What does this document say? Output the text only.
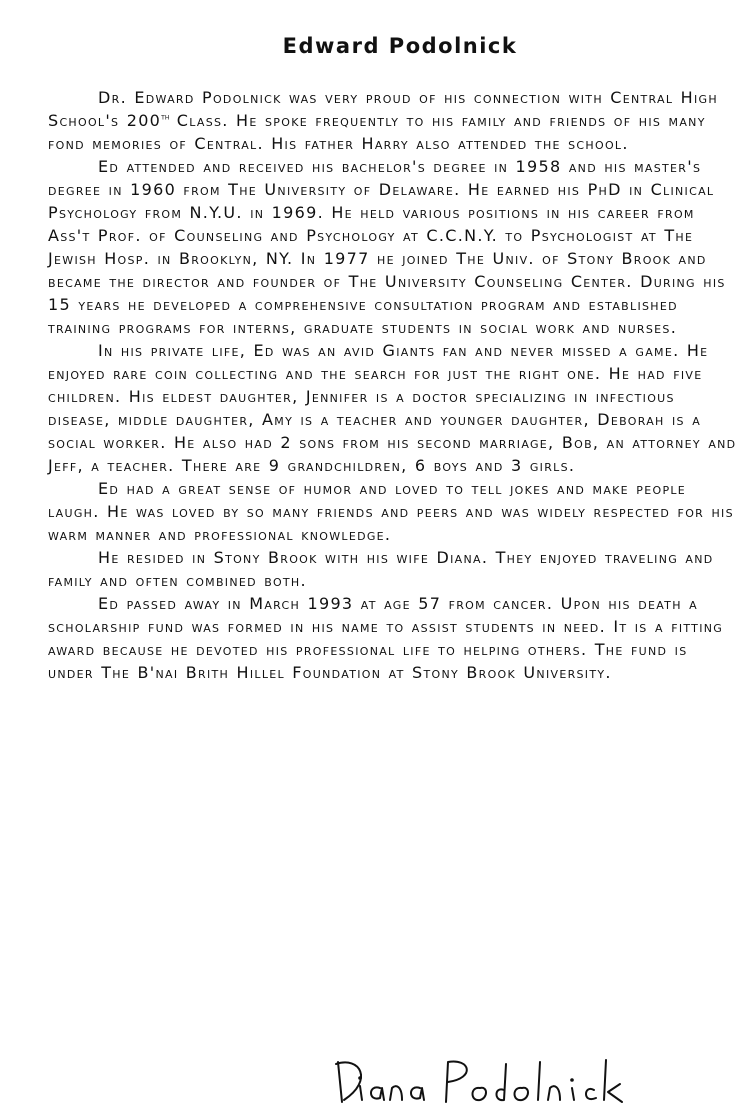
Edward Podolnick

Dr. Edward Podolnick was very proud of his connection with Central High School's 200th Class. He spoke frequently to his family and friends of his many fond memories of Central. His father Harry also attended the school.

Ed attended and received his bachelor's degree in 1958 and his master's degree in 1960 from The University of Delaware. He earned his PhD in Clinical Psychology from N.Y.U. in 1969. He held various positions in his career from Ass't Prof. of Counseling and Psychology at C.C.N.Y. to Psychologist at The Jewish Hosp. in Brooklyn, NY. In 1977 he joined The Univ. of Stony Brook and became the director and founder of The University Counseling Center. During his 15 years he developed a comprehensive consultation program and established training programs for interns, graduate students in social work and nurses.

In his private life, Ed was an avid Giants fan and never missed a game. He enjoyed rare coin collecting and the search for just the right one. He had five children. His eldest daughter, Jennifer is a doctor specializing in infectious disease, middle daughter, Amy is a teacher and younger daughter, Deborah is a social worker. He also had 2 sons from his second marriage, Bob, an attorney and Jeff, a teacher. There are 9 grandchildren, 6 boys and 3 girls.

Ed had a great sense of humor and loved to tell jokes and make people laugh. He was loved by so many friends and peers and was widely respected for his warm manner and professional knowledge.

He resided in Stony Brook with his wife Diana. They enjoyed traveling and family and often combined both.

Ed passed away in March 1993 at age 57 from cancer. Upon his death a scholarship fund was formed in his name to assist students in need. It is a fitting award because he devoted his professional life to helping others. The fund is under The B'nai Brith Hillel Foundation at Stony Brook University.
